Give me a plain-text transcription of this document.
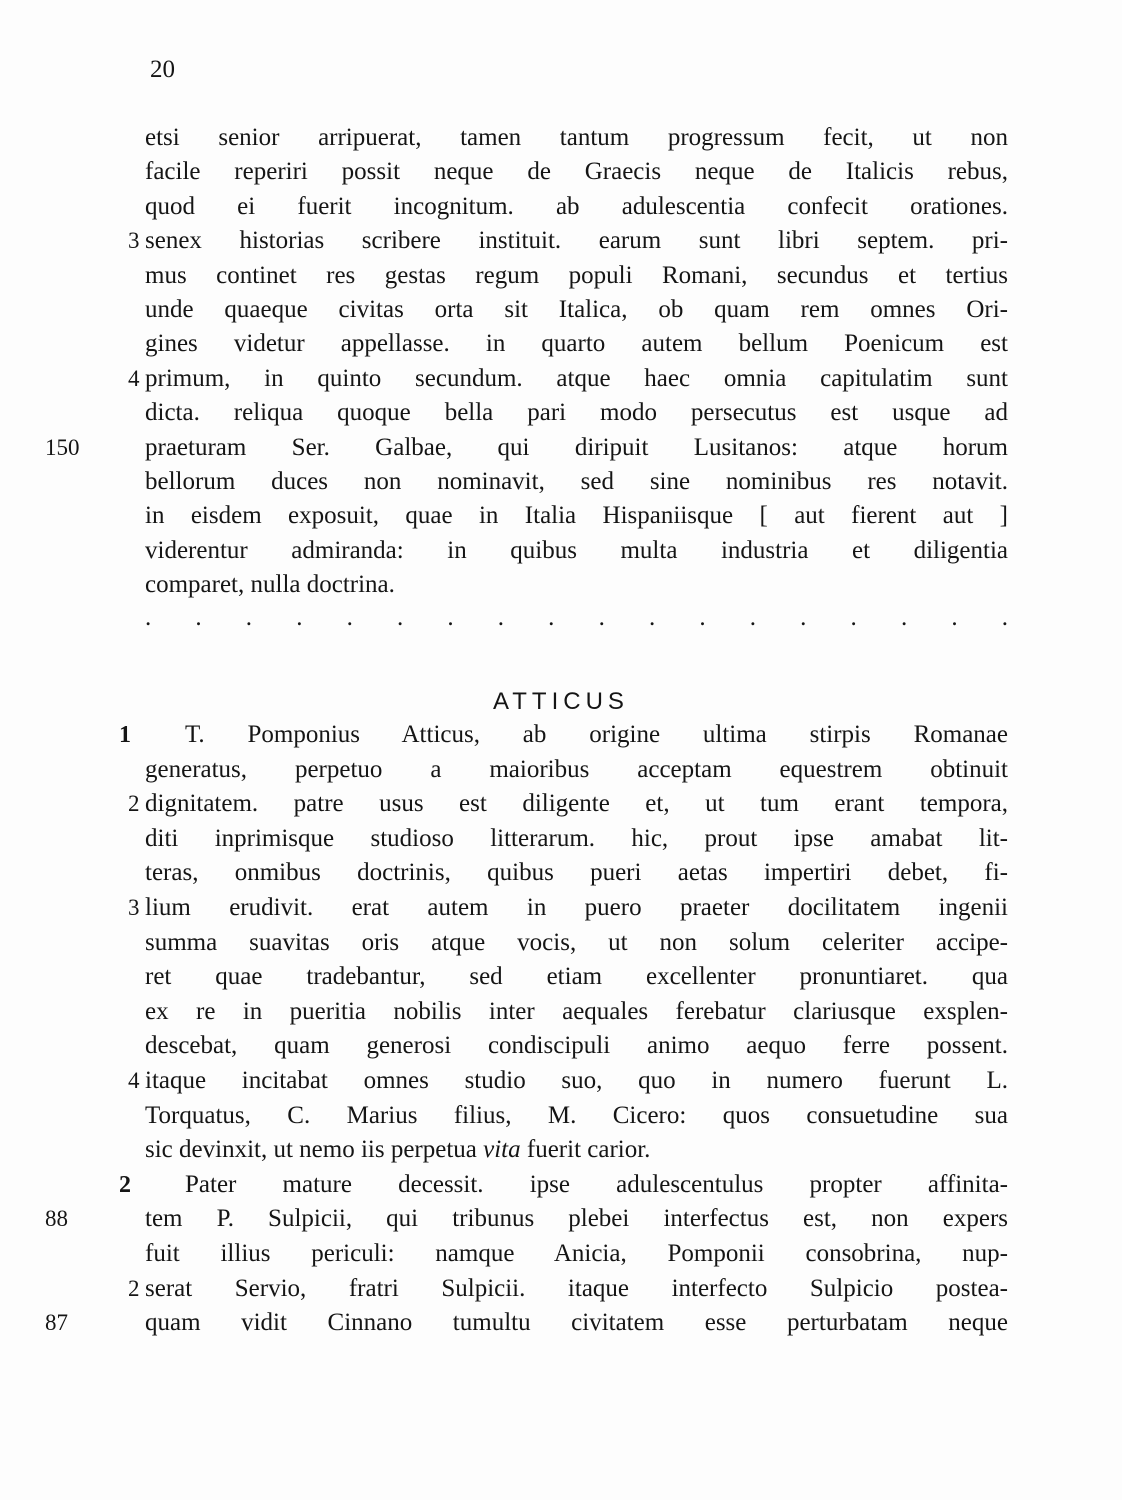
20
etsi senior arripuerat, tamen tantum progressum fecit, ut non
facile reperiri possit neque de Graecis neque de Italicis rebus,
quod ei fuerit incognitum. ab adulescentia confecit orationes.
senex historias scribere instituit. earum sunt libri septem. pri-
3
mus continet res gestas regum populi Romani, secundus et tertius
unde quaeque civitas orta sit Italica, ob quam rem omnes Ori-
gines videtur appellasse. in quarto autem bellum Poenicum est
primum, in quinto secundum. atque haec omnia capitulatim sunt
4
dicta. reliqua quoque bella pari modo persecutus est usque ad
praeturam Ser. Galbae, qui diripuit Lusitanos: atque horum
150
bellorum duces non nominavit, sed sine nominibus res notavit.
in eisdem exposuit, quae in Italia Hispaniisque [ aut fierent aut ]
viderentur admiranda: in quibus multa industria et diligentia
comparet, nulla doctrina.
. . . . . . . . . . . . . . . . . .
ATTICUS
T. Pomponius Atticus, ab origine ultima stirpis Romanae
1
generatus, perpetuo a maioribus acceptam equestrem obtinuit
dignitatem. patre usus est diligente et, ut tum erant tempora,
2
diti inprimisque studioso litterarum. hic, prout ipse amabat lit-
teras, onmibus doctrinis, quibus pueri aetas impertiri debet, fi-
lium erudivit. erat autem in puero praeter docilitatem ingenii
3
summa suavitas oris atque vocis, ut non solum celeriter accipe-
ret quae tradebantur, sed etiam excellenter pronuntiaret. qua
ex re in pueritia nobilis inter aequales ferebatur clariusque exsplen-
descebat, quam generosi condiscipuli animo aequo ferre possent.
itaque incitabat omnes studio suo, quo in numero fuerunt L.
4
Torquatus, C. Marius filius, M. Cicero: quos consuetudine sua
sic devinxit, ut nemo iis perpetua vita fuerit carior.
Pater mature decessit. ipse adulescentulus propter affinita-
2
tem P. Sulpicii, qui tribunus plebei interfectus est, non expers
88
fuit illius periculi: namque Anicia, Pomponii consobrina, nup-
serat Servio, fratri Sulpicii. itaque interfecto Sulpicio postea-
2
quam vidit Cinnano tumultu civitatem esse perturbatam neque
87
